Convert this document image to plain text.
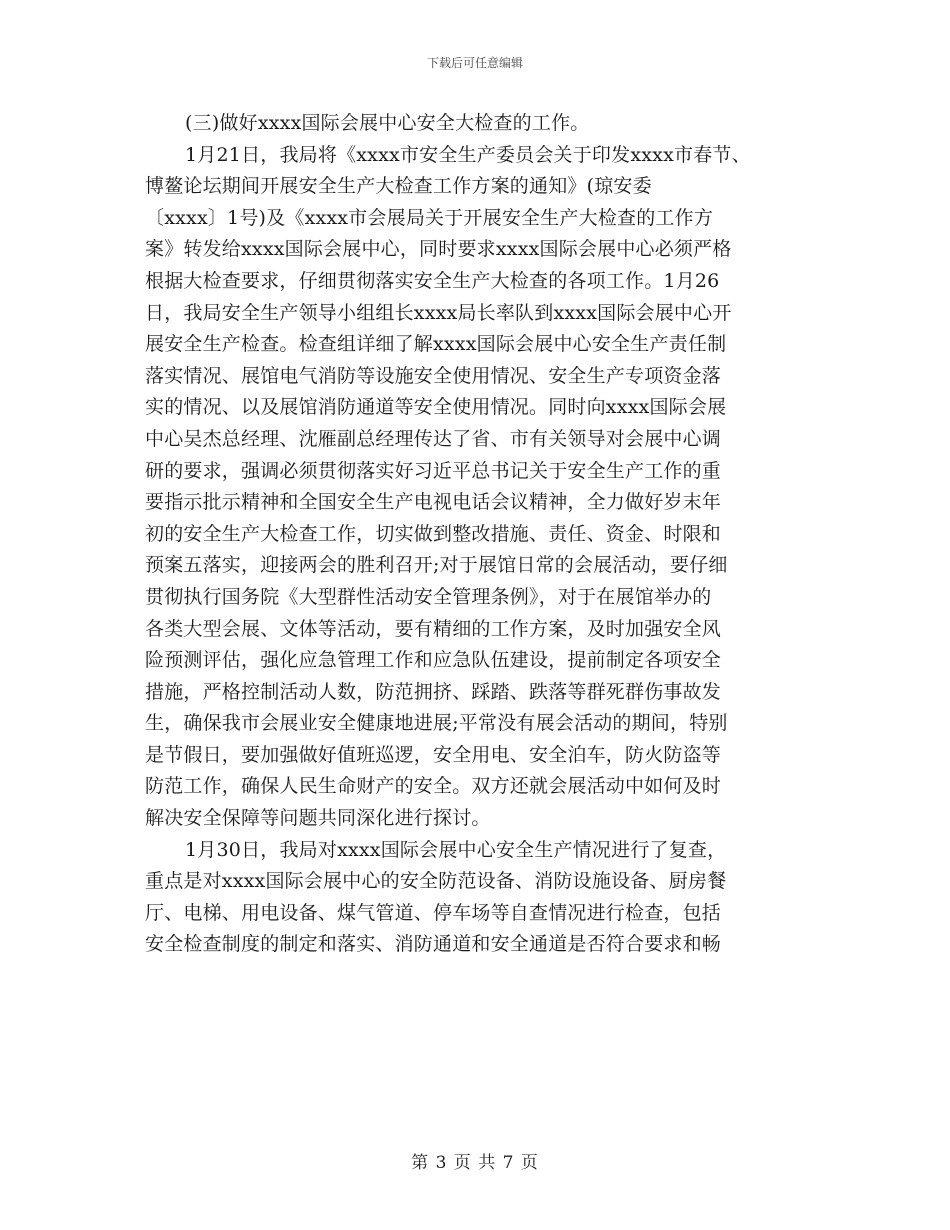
下载后可任意编辑
(三)做好xxxx国际会展中心安全大检查的工作。
1月21日，我局将《xxxx市安全生产委员会关于印发xxxx市春节、
博鳌论坛期间开展安全生产大检查工作方案的通知》(琼安委
〔xxxx〕1号)及《xxxx市会展局关于开展安全生产大检查的工作方
案》转发给xxxx国际会展中心，同时要求xxxx国际会展中心必须严格
根据大检查要求，仔细贯彻落实安全生产大检查的各项工作。1月26
日，我局安全生产领导小组组长xxxx局长率队到xxxx国际会展中心开
展安全生产检查。检查组详细了解xxxx国际会展中心安全生产责任制
落实情况、展馆电气消防等设施安全使用情况、安全生产专项资金落
实的情况、以及展馆消防通道等安全使用情况。同时向xxxx国际会展
中心吴杰总经理、沈雁副总经理传达了省、市有关领导对会展中心调
研的要求，强调必须贯彻落实好习近平总书记关于安全生产工作的重
要指示批示精神和全国安全生产电视电话会议精神，全力做好岁末年
初的安全生产大检查工作，切实做到整改措施、责任、资金、时限和
预案五落实，迎接两会的胜利召开;对于展馆日常的会展活动，要仔细
贯彻执行国务院《大型群性活动安全管理条例》，对于在展馆举办的
各类大型会展、文体等活动，要有精细的工作方案，及时加强安全风
险预测评估，强化应急管理工作和应急队伍建设，提前制定各项安全
措施，严格控制活动人数，防范拥挤、踩踏、跌落等群死群伤事故发
生，确保我市会展业安全健康地进展;平常没有展会活动的期间，特别
是节假日，要加强做好值班巡逻，安全用电、安全泊车，防火防盗等
防范工作，确保人民生命财产的安全。双方还就会展活动中如何及时
解决安全保障等问题共同深化进行探讨。
1月30日，我局对xxxx国际会展中心安全生产情况进行了复查，
重点是对xxxx国际会展中心的安全防范设备、消防设施设备、厨房餐
厅、电梯、用电设备、煤气管道、停车场等自查情况进行检查，包括
安全检查制度的制定和落实、消防通道和安全通道是否符合要求和畅
第 3 页 共 7 页
